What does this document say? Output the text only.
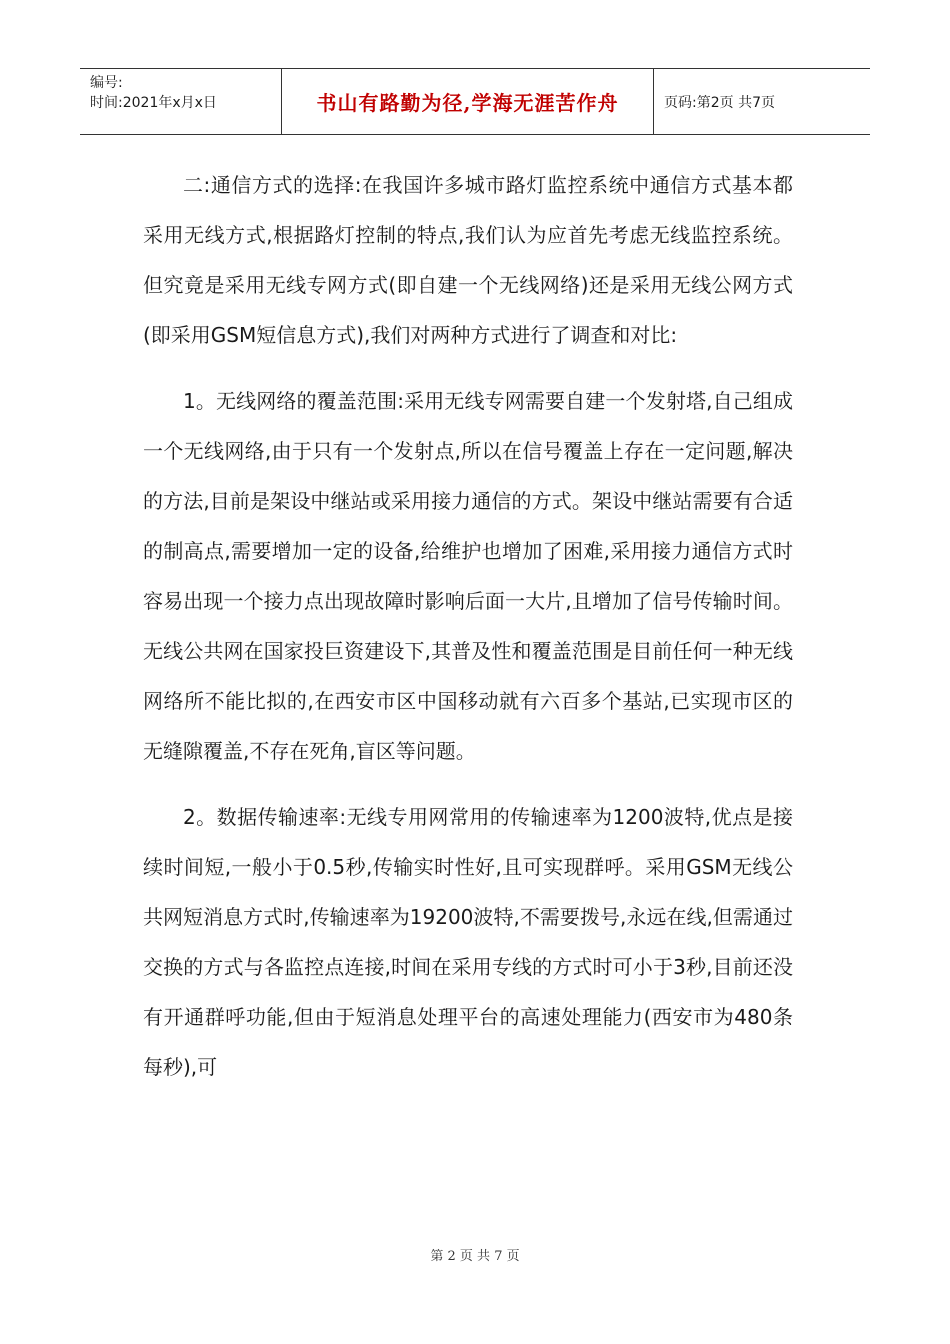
编号:
时间:2021年x月x日	书山有路勤为径,学海无涯苦作舟	页码:第2页 共7页

二:通信方式的选择:在我国许多城市路灯监控系统中通信方式基本都采用无线方式,根据路灯控制的特点,我们认为应首先考虑无线监控系统。但究竟是采用无线专网方式(即自建一个无线网络)还是采用无线公网方式(即采用GSM短信息方式),我们对两种方式进行了调查和对比:

1。无线网络的覆盖范围:采用无线专网需要自建一个发射塔,自己组成一个无线网络,由于只有一个发射点,所以在信号覆盖上存在一定问题,解决的方法,目前是架设中继站或采用接力通信的方式。架设中继站需要有合适的制高点,需要增加一定的设备,给维护也增加了困难,采用接力通信方式时容易出现一个接力点出现故障时影响后面一大片,且增加了信号传输时间。无线公共网在国家投巨资建设下,其普及性和覆盖范围是目前任何一种无线网络所不能比拟的,在西安市区中国移动就有六百多个基站,已实现市区的无缝隙覆盖,不存在死角,盲区等问题。

2。数据传输速率:无线专用网常用的传输速率为1200波特,优点是接续时间短,一般小于0.5秒,传输实时性好,且可实现群呼。采用GSM无线公共网短消息方式时,传输速率为19200波特,不需要拨号,永远在线,但需通过交换的方式与各监控点连接,时间在采用专线的方式时可小于3秒,目前还没有开通群呼功能,但由于短消息处理平台的高速处理能力(西安市为480条每秒),可

第 2 页 共 7 页
